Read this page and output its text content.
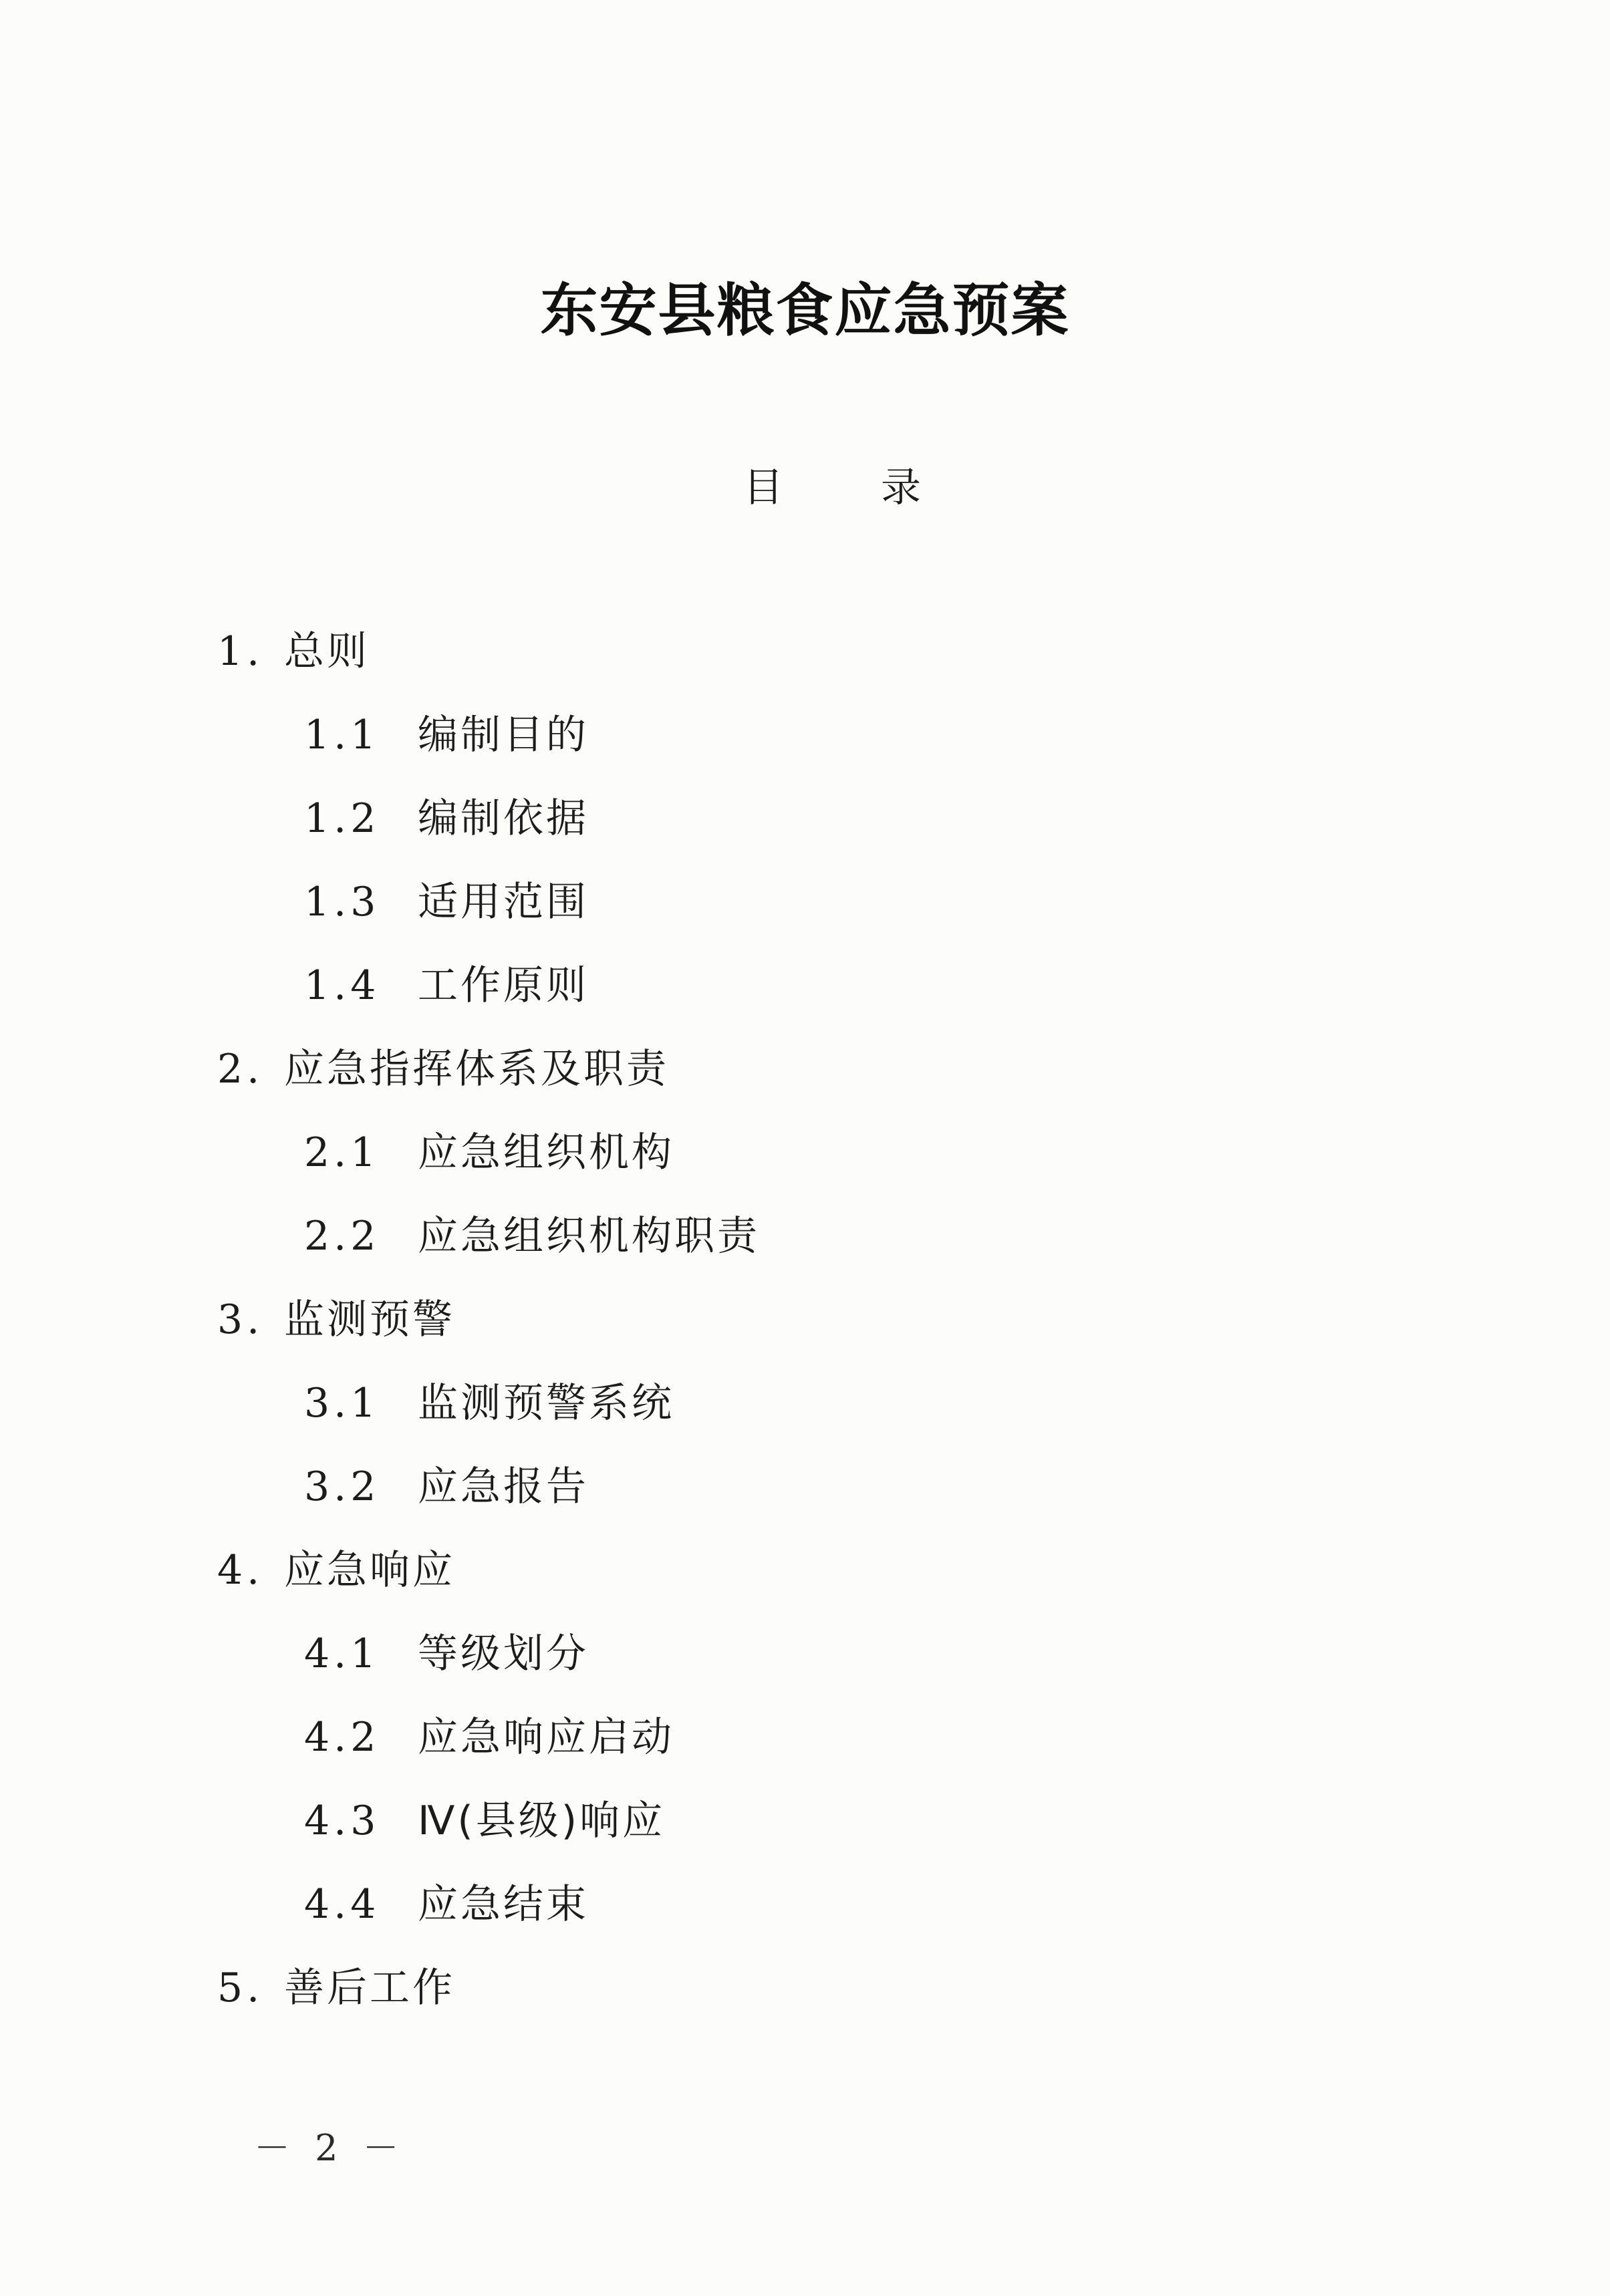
东安县粮食应急预案
目 录
1. 总则
1.1 编制目的
1.2 编制依据
1.3 适用范围
1.4 工作原则
2. 应急指挥体系及职责
2.1 应急组织机构
2.2 应急组织机构职责
3. 监测预警
3.1 监测预警系统
3.2 应急报告
4. 应急响应
4.1 等级划分
4.2 应急响应启动
4.3 Ⅳ(县级)响应
4.4 应急结束
5. 善后工作
－ 2 －
